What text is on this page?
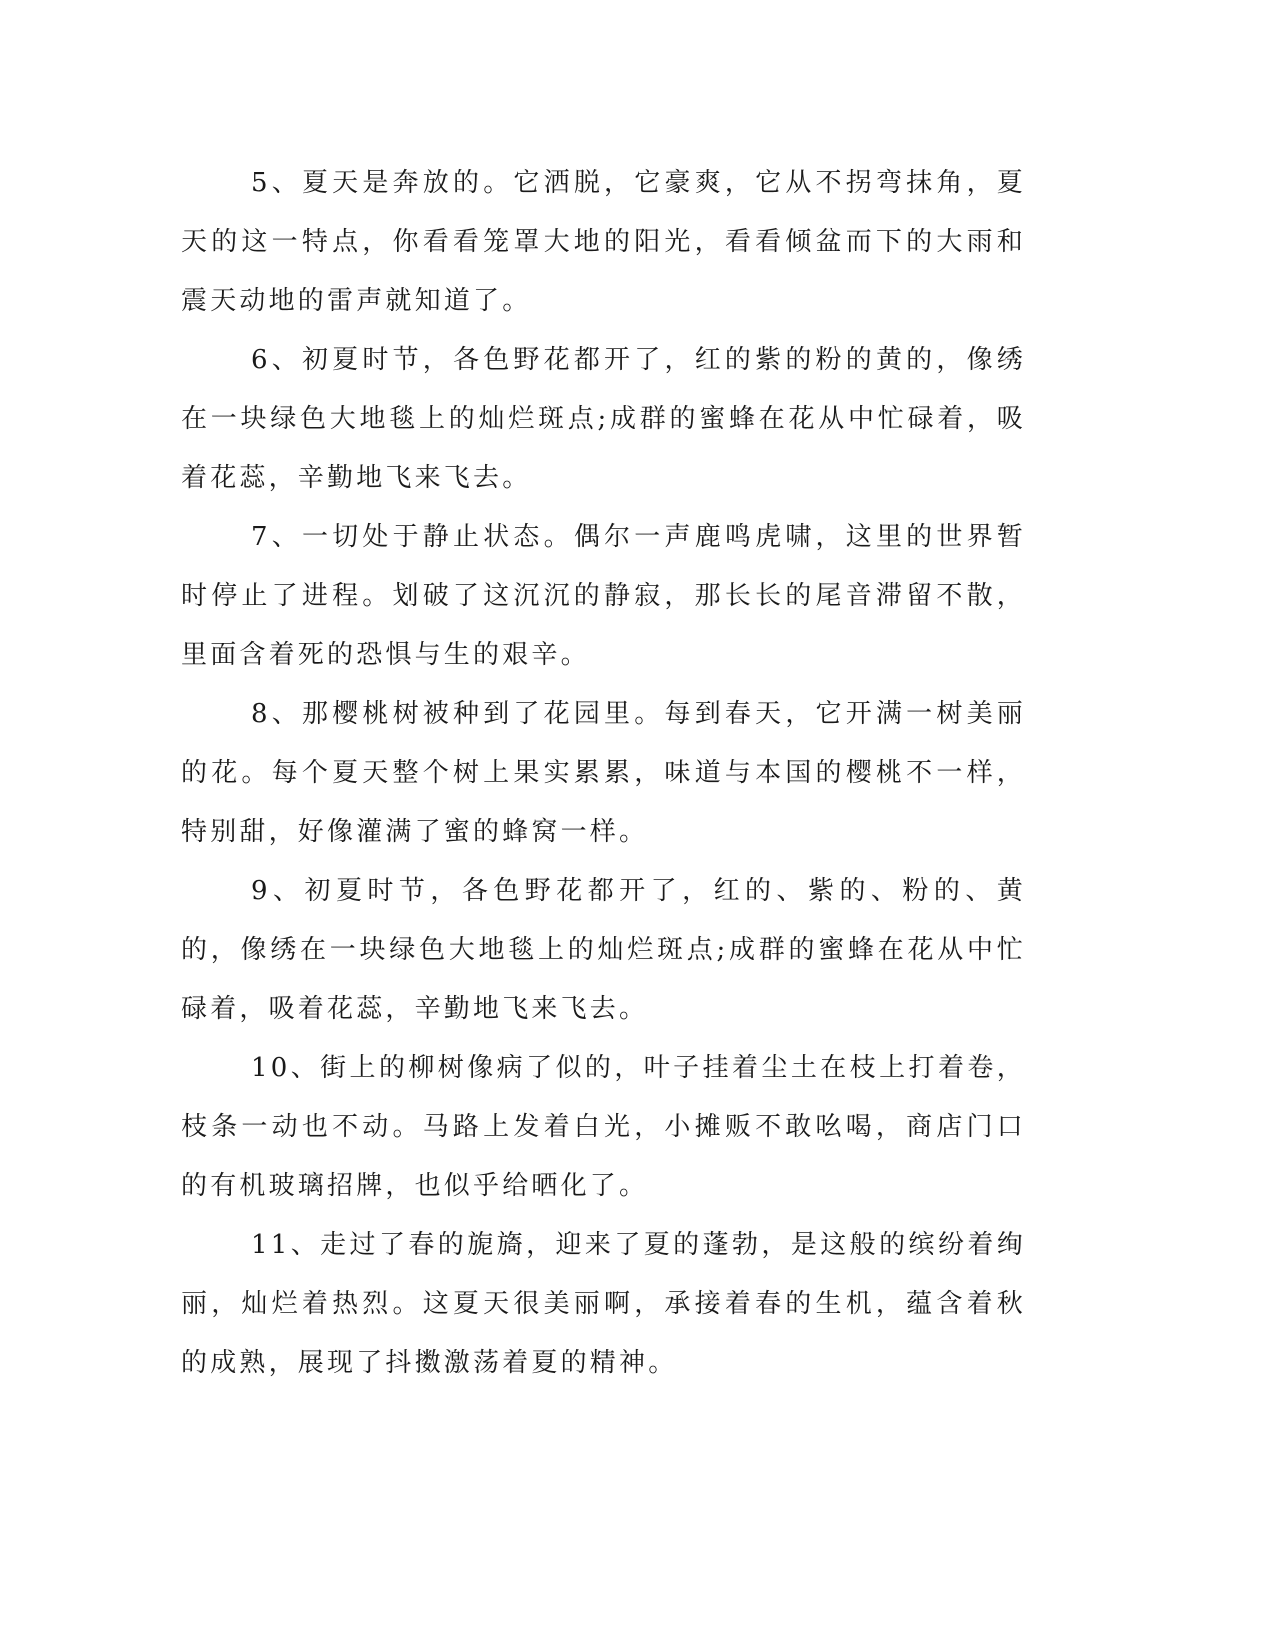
5、夏天是奔放的。它洒脱，它豪爽，它从不拐弯抹角，夏天的这一特点，你看看笼罩大地的阳光，看看倾盆而下的大雨和震天动地的雷声就知道了。

6、初夏时节，各色野花都开了，红的紫的粉的黄的，像绣在一块绿色大地毯上的灿烂斑点;成群的蜜蜂在花从中忙碌着，吸着花蕊，辛勤地飞来飞去。

7、一切处于静止状态。偶尔一声鹿鸣虎啸，这里的世界暂时停止了进程。划破了这沉沉的静寂，那长长的尾音滞留不散，里面含着死的恐惧与生的艰辛。

8、那樱桃树被种到了花园里。每到春天，它开满一树美丽的花。每个夏天整个树上果实累累，味道与本国的樱桃不一样，特别甜，好像灌满了蜜的蜂窝一样。

9、初夏时节，各色野花都开了，红的、紫的、粉的、黄的，像绣在一块绿色大地毯上的灿烂斑点;成群的蜜蜂在花从中忙碌着，吸着花蕊，辛勤地飞来飞去。

10、街上的柳树像病了似的，叶子挂着尘土在枝上打着卷，枝条一动也不动。马路上发着白光，小摊贩不敢吆喝，商店门口的有机玻璃招牌，也似乎给晒化了。

11、走过了春的旎旖，迎来了夏的蓬勃，是这般的缤纷着绚丽，灿烂着热烈。这夏天很美丽啊，承接着春的生机，蕴含着秋的成熟，展现了抖擞激荡着夏的精神。
